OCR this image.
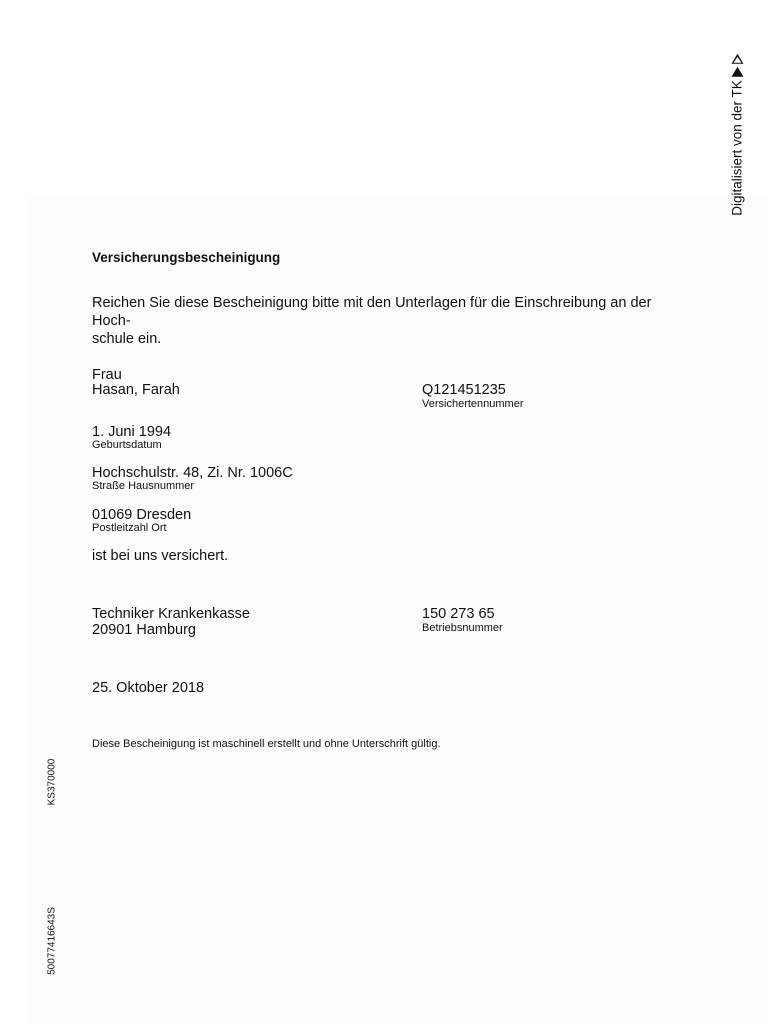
Digitalisiert von der TK
Versicherungsbescheinigung
Reichen Sie diese Bescheinigung bitte mit den Unterlagen für die Einschreibung an der Hoch-
schule ein.
Frau
Hasan, Farah	Q121451235
Versichertennummer
1. Juni 1994
Geburtsdatum
Hochschulstr. 48, Zi. Nr. 1006C
Straße Hausnummer
01069 Dresden
Postleitzahl Ort
ist bei uns versichert.
Techniker Krankenkasse
20901 Hamburg
150 273 65
Betriebsnummer
25. Oktober 2018
Diese Bescheinigung ist maschinell erstellt und ohne Unterschrift gültig.
KS370000
50077416643S
